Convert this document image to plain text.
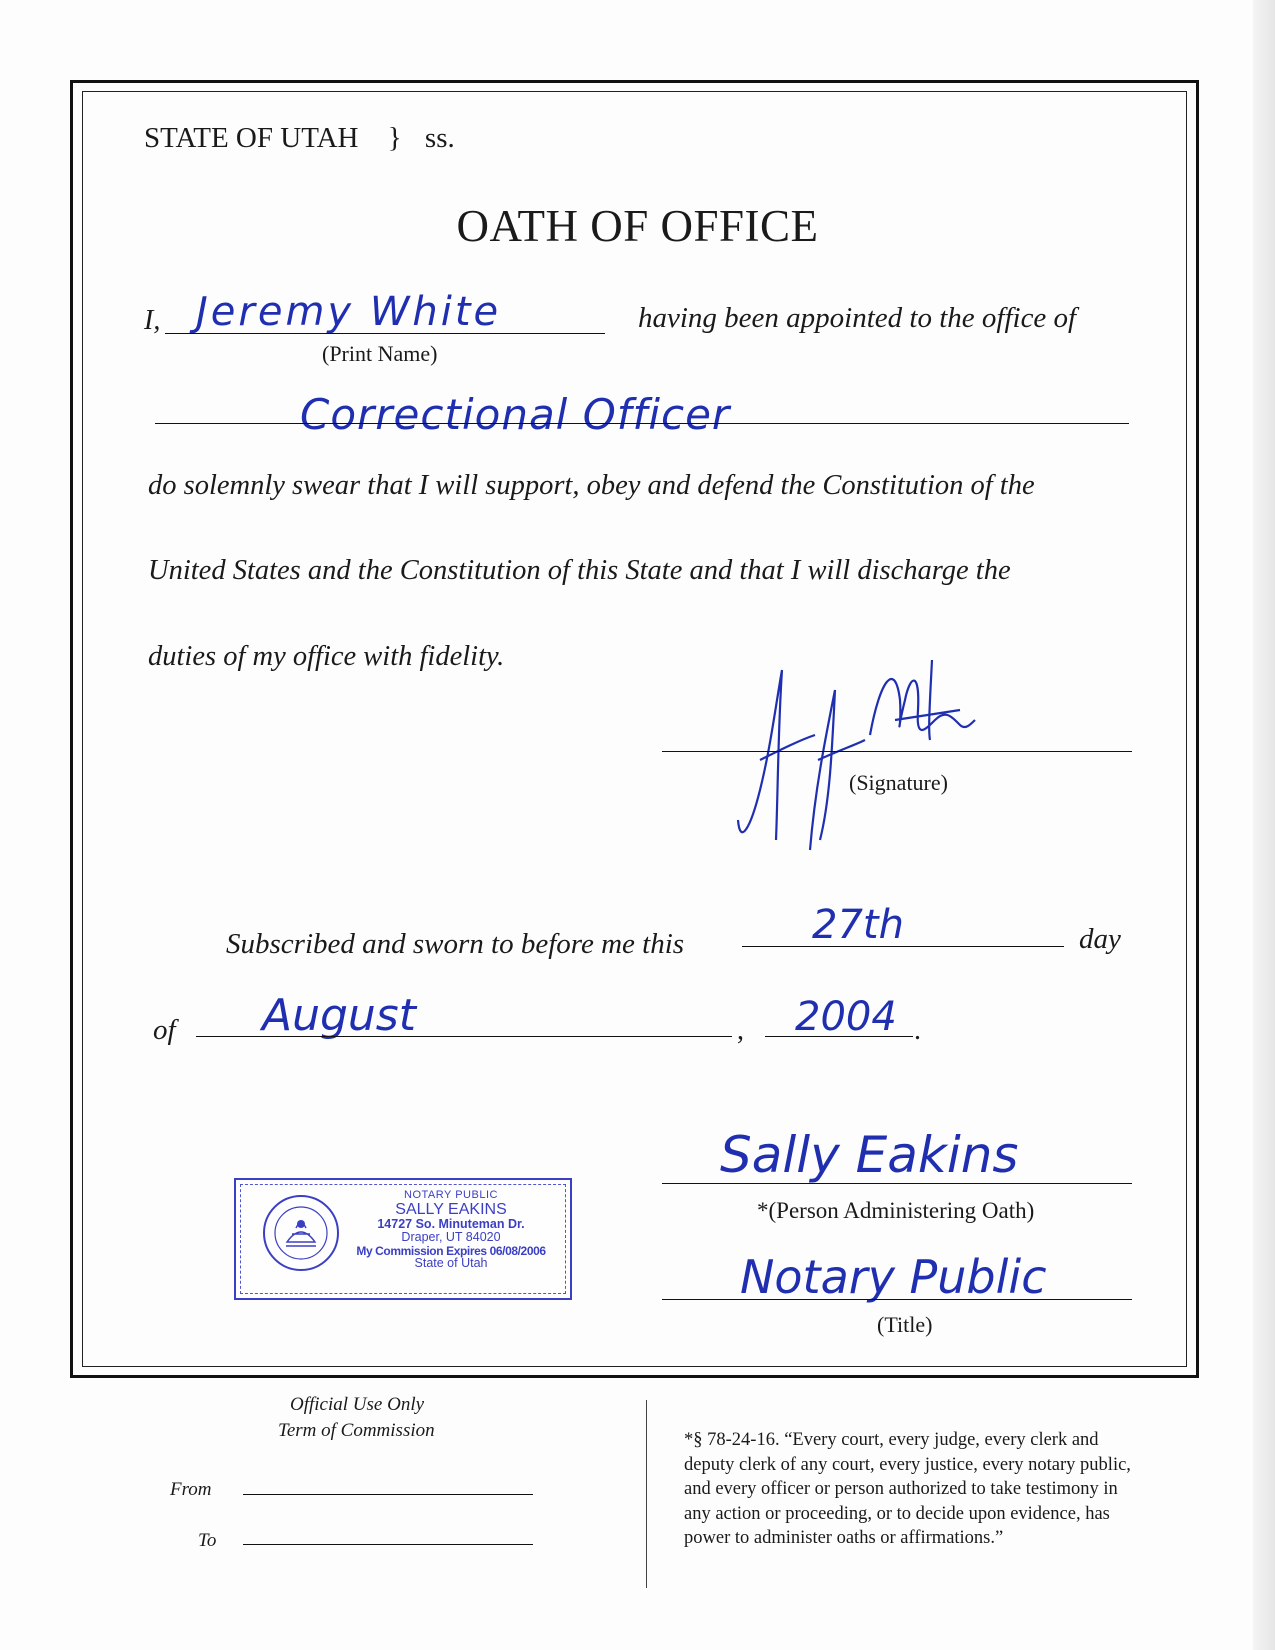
STATE OF UTAH } ss.
OATH OF OFFICE
I, Jeremy White
(Print Name)
having been appointed to the office of
Correctional Officer
do solemnly swear that I will support, obey and defend the Constitution of the
United States and the Constitution of this State and that I will discharge the
duties of my office with fidelity.
(Signature)
Subscribed and sworn to before me this	27th	day
of August	, 2004 .
Sally Eakins
*(Person Administering Oath)
Notary Public
(Title)
NOTARY PUBLIC
SALLY EAKINS
14727 So. Minuteman Dr.
Draper, UT 84020
My Commission Expires 06/08/2006
State of Utah
Official Use Only
Term of Commission
From
To
*§ 78-24-16. “Every court, every judge, every clerk and
deputy clerk of any court, every justice, every notary public,
and every officer or person authorized to take testimony in
any action or proceeding, or to decide upon evidence, has
power to administer oaths or affirmations.”
